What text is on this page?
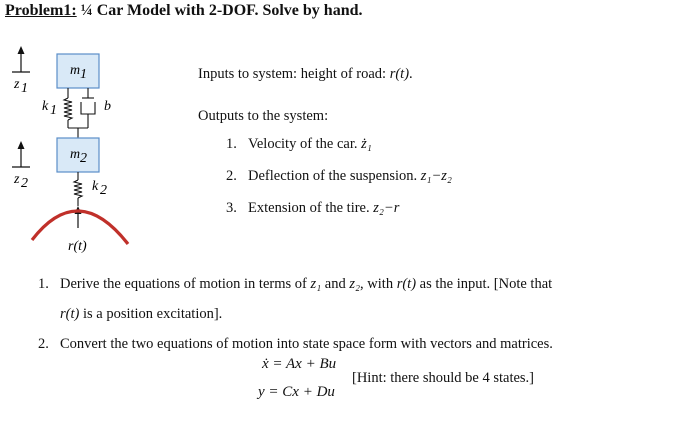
Problem1: ¼ Car Model with 2-DOF. Solve by hand.
z 1
z 2
m 1
k 1	b
m 2
k 2
r(t)
Inputs to system: height of road: r(t).
Outputs to the system:
1. Velocity of the car. ż₁
2. Deflection of the suspension. z₁−z₂
3. Extension of the tire. z₂−r
1. Derive the equations of motion in terms of z₁ and z₂, with r(t) as the input. [Note that
r(t) is a position excitation].
2. Convert the two equations of motion into state space form with vectors and matrices.
ẋ = Ax + Bu
y = Cx + Du
[Hint: there should be 4 states.]
